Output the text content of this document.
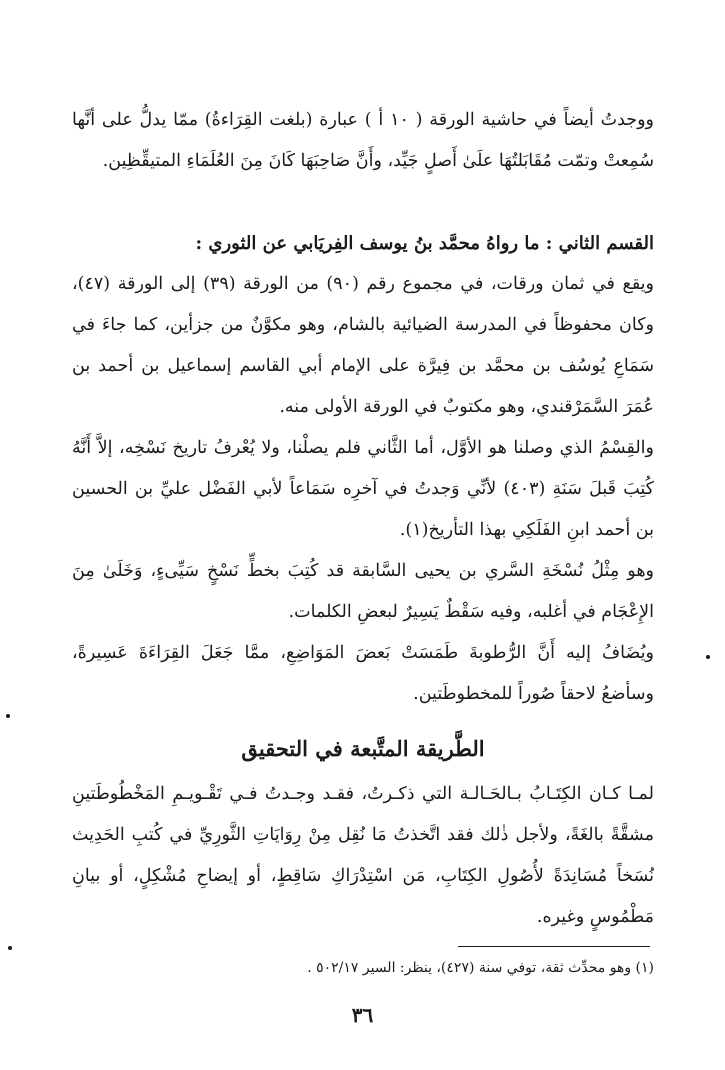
ووجدتُ أيضاً في حاشية الورقة ( ١٠ أ ) عبارة (بلغت القِرَاءةُ) ممّا يدلُّ على أنَّها سُمِعتْ وتمّت مُقَابَلتُهَا علَىٰ أَصلٍ جَيِّد، وأَنَّ صَاحِبَهَا كَانَ مِنَ العُلَمَاءِ المتيقِّظِين.

القسم الثاني : ما رواهُ محمَّد بنُ يوسف الفِريَابي عن الثوري :

ويقع في ثمان ورقات، في مجموع رقم (٩٠) من الورقة (٣٩) إلى الورقة (٤٧)، وكان محفوظاً في المدرسة الضيائية بالشام، وهو مكوَّنٌ من جزأين، كما جاءَ في سَمَاعِ يُوسُف بن محمَّد بن فِيرَّة على الإمام أبي القاسم إسماعيل بن أحمد بن عُمَرَ السَّمَرْقندي، وهو مكتوبٌ في الورقة الأولى منه.

والقِسْمُ الذي وصلنا هو الأوَّل، أما الثَّاني فلم يصلْنا، ولا يُعْرفُ تاريخ نَسْخِه، إلاَّ أَنَّهُ كُتِبَ قَبلَ سَنَةِ (٤٠٣) لأنِّي وَجدتُ في آخرِه سَمَاعاً لأبي الفَضْل عليِّ بن الحسين بن أحمد ابنِ الفَلَكِي بهذا التأريخ(١).

وهو مِثْلُ نُسْخَةِ السَّري بن يحيى السَّابقة قد كُتِبَ بخطٍّ نَسْخٍ سَيِّىءٍ، وَخَلَىٰ مِنَ الإِعْجَام في أغلبه، وفيه سَقْطٌ يَسِيرٌ لبعضِ الكلمات.

ويُضَافُ إليه أَنَّ الرُّطوبةَ طَمَسَتْ بَعضَ المَوَاضِعِ، ممَّا جَعَلَ القِرَاءَةَ عَسِيرةً، وسأضعُ لاحقاً صُوراً للمخطوطَتين.

الطَّريقة المتَّبعة في التحقيق

لمـا كـان الكِتَـابُ بـالحَـالـة التي ذكـرتُ، فقـد وجـدتُ فـي تَقْـويـمِ المَخْطُوطَتينِ مشقَّةً بالغَةً، ولأجل ذٰلك فقد اتَّخذتُ مَا نُقِل مِنْ رِوَايَاتِ الثَّورِيِّ في كُتبِ الحَدِيث نُسَخاً مُسَانِدَةً لأُصُولِ الكِتَابِ، مَن اسْتِدْرَاكِ سَاقِطٍ، أو إيضاحِ مُشْكِلٍ، أو بيانِ مَطْمُوسٍ وغيره.

(١) وهو محدِّث ثقة، توفي سنة (٤٢٧)، ينظر: السير ٥٠٢/١٧ .
٣٦
